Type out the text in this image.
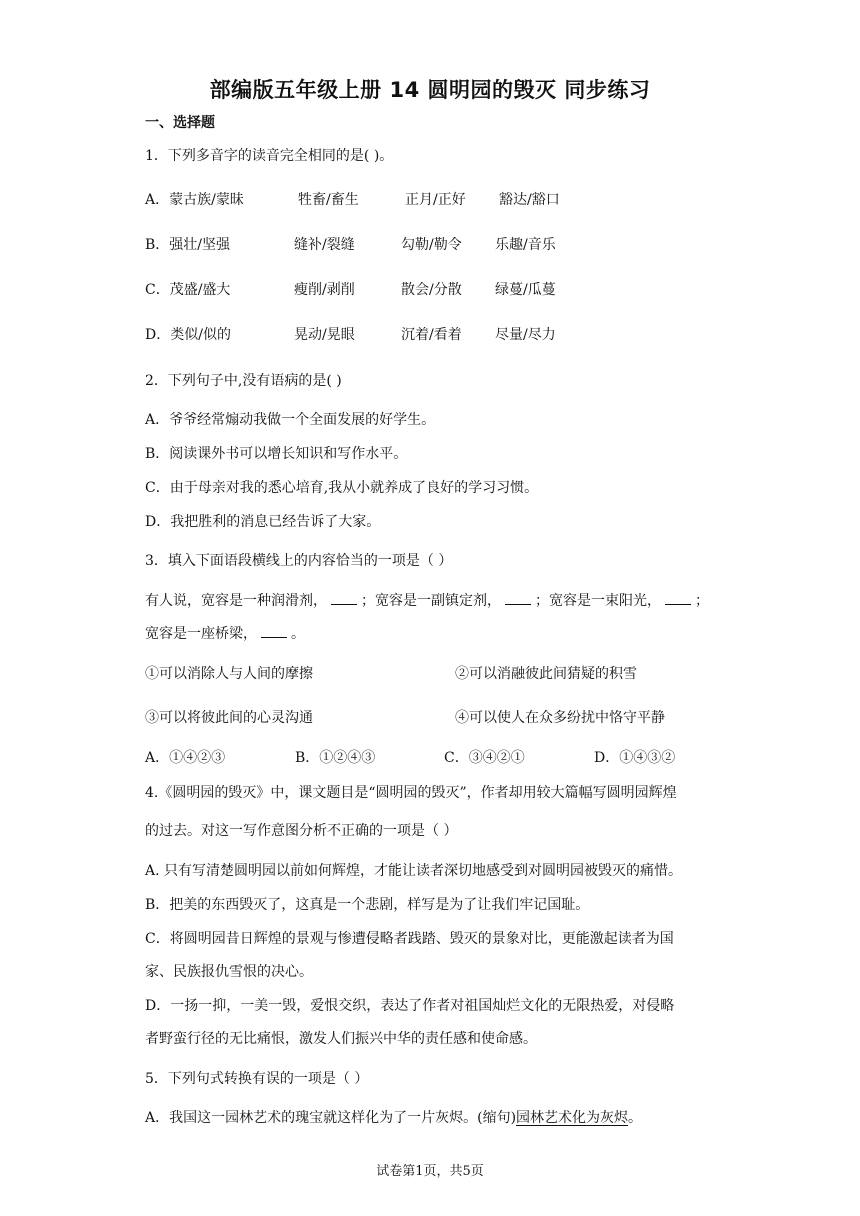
部编版五年级上册 14 圆明园的毁灭 同步练习
一、选择题
1．下列多音字的读音完全相同的是( )。
A．蒙古族/蒙昧	牲畜/畜生	正月/正好 豁达/豁口
B．强壮/坚强	缝补/裂缝	勾勒/勒令 乐趣/音乐
C．茂盛/盛大	瘦削/剥削	散会/分散 绿蔓/瓜蔓
D．类似/似的	晃动/晃眼	沉着/看着 尽量/尽力
2．下列句子中,没有语病的是( )
A．爷爷经常煽动我做一个全面发展的好学生。
B．阅读课外书可以增长知识和写作水平。
C．由于母亲对我的悉心培育,我从小就养成了良好的学习习惯。
D．我把胜利的消息已经告诉了大家。
3．填入下面语段横线上的内容恰当的一项是（ ）
有人说，宽容是一种润滑剂， ；宽容是一副镇定剂， ；宽容是一束阳光， ；
宽容是一座桥梁， 。
①可以消除人与人间的摩擦	②可以消融彼此间猜疑的积雪
③可以将彼此间的心灵沟通	④可以使人在众多纷扰中恪守平静
A．①④②③	B．①②④③	C．③④②①	D．①④③②
4.《圆明园的毁灭》中，课文题目是“圆明园的毁灭”，作者却用较大篇幅写圆明园辉煌
的过去。对这一写作意图分析不正确的一项是（ ）
A. 只有写清楚圆明园以前如何辉煌，才能让读者深切地感受到对圆明园被毁灭的痛惜。
B．把美的东西毁灭了，这真是一个悲剧，样写是为了让我们牢记国耻。
C．将圆明园昔日辉煌的景观与惨遭侵略者践踏、毁灭的景象对比，更能激起读者为国
家、民族报仇雪恨的决心。
D．一扬一抑，一美一毁，爱恨交织，表达了作者对祖国灿烂文化的无限热爱，对侵略
者野蛮行径的无比痛恨，激发人们振兴中华的责任感和使命感。
5．下列句式转换有误的一项是（ ）
A．我国这一园林艺术的瑰宝就这样化为了一片灰烬。(缩句)园林艺术化为灰烬。
试卷第1页，共5页
